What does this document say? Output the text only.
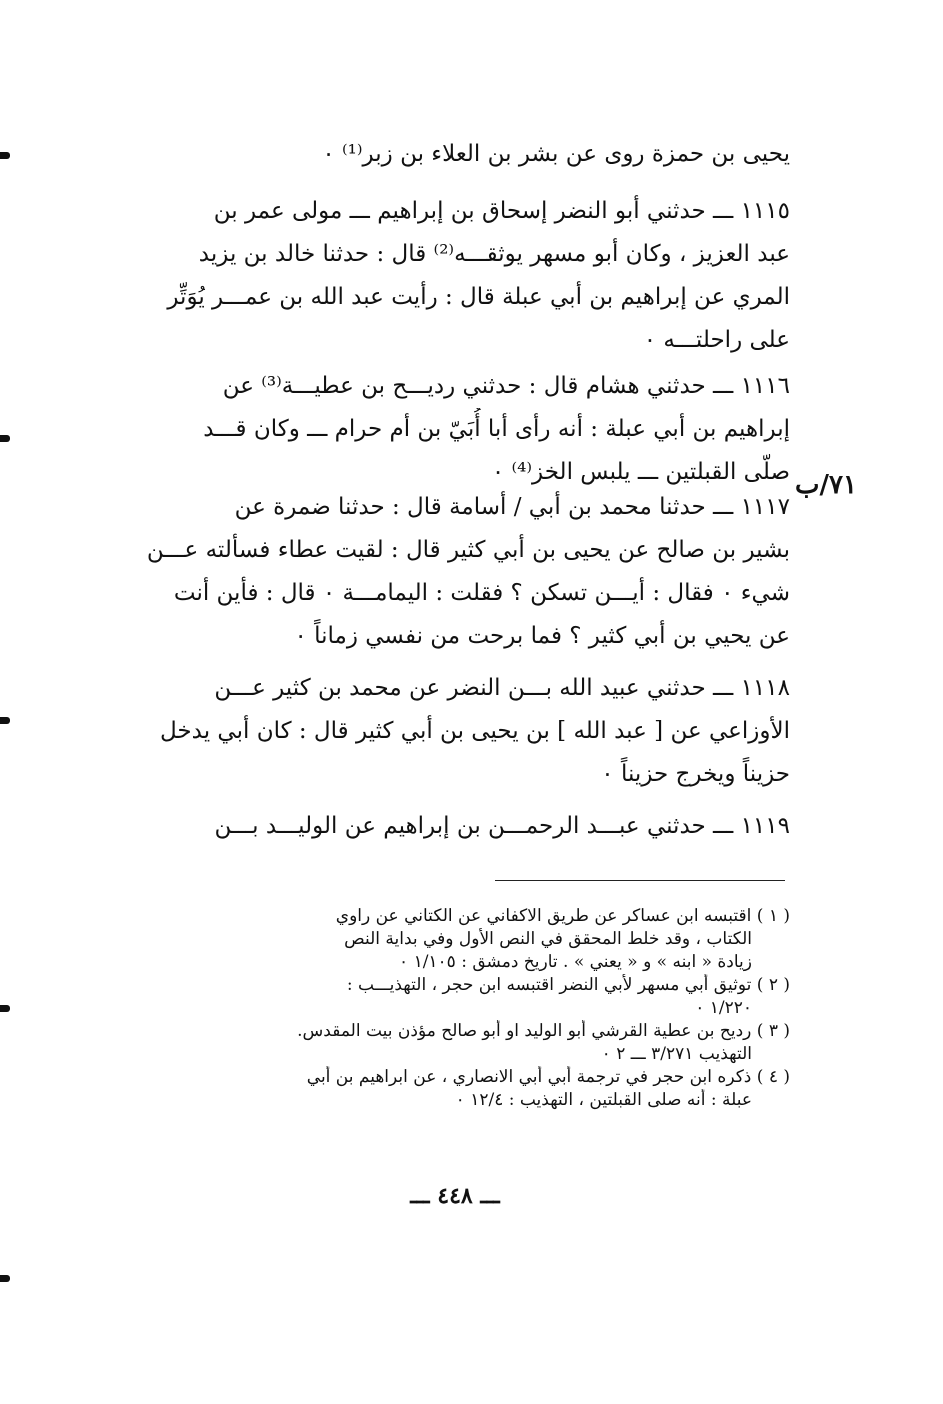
يحيى بن حمزة روى عن بشر بن العلاء بن زبر⁽¹⁾ ٠
١١١٥ ـــ حدثني أبو النضر إسحاق بن إبراهيم ـــ مولى عمر بن
عبد العزيز ، وكان أبو مسهر يوثقـــه⁽²⁾ قال : حدثنا خالد بن يزيد
المري عن إبراهيم بن أبي عبلة قال : رأيت عبد الله بن عمـــر يُوَتِّر
على راحلتـــه ٠
١١١٦ ـــ حدثني هشام قال : حدثني رديـــح بن عطيـــة⁽³⁾ عن
إبراهيم بن أبي عبلة : أنه رأى أبا أُبَيّ بن أم حرام ـــ وكان قـــد
صلّى القبلتين ـــ يلبس الخز⁽⁴⁾ ٠ ٧١/ب
١١١٧ ـــ حدثنا محمد بن أبي / أسامة قال : حدثنا ضمرة عن
بشير بن صالح عن يحيى بن أبي كثير قال : لقيت عطاء فسألته عـــن
شيء ٠ فقال : أيـــن تسكن ؟ فقلت : اليمامـــة ٠ قال : فأين أنت
عن يحيي بن أبي كثير ؟ فما برحت من نفسي زماناً ٠
١١١٨ ـــ حدثني عبيد الله بـــن النضر عن محمد بن كثير عـــن
الأوزاعي عن [ عبد الله ] بن يحيى بن أبي كثير قال : كان أبي يدخل
حزيناً ويخرج حزيناً ٠
١١١٩ ـــ حدثني عبـــد الرحمـــن بن إبراهيم عن الوليـــد بـــن
( ١ ) اقتبسه ابن عساكر عن طريق الاكفاني عن الكتاني عن راوي
الكتاب ، وقد خلط المحقق في النص الأول وفي بداية النص
زيادة « ابنه » و « يعني » . تاريخ دمشق : ١/١٠٥ ٠
( ٢ ) توثيق أبي مسهر لأبي النضر اقتبسه ابن حجر ، التهذيـــب :
١/٢٢٠ ٠
( ٣ ) رديح بن عطية القرشي أبو الوليد او أبو صالح مؤذن بيت المقدس.
التهذيب ٣/٢٧١ ـــ ٢ ٠
( ٤ ) ذكره ابن حجر في ترجمة أبي أبي الانصاري ، عن ابراهيم بن أبي
عبلة : أنه صلى القبلتين ، التهذيب : ١٢/٤ ٠
ـــ ٤٤٨ ـــ
